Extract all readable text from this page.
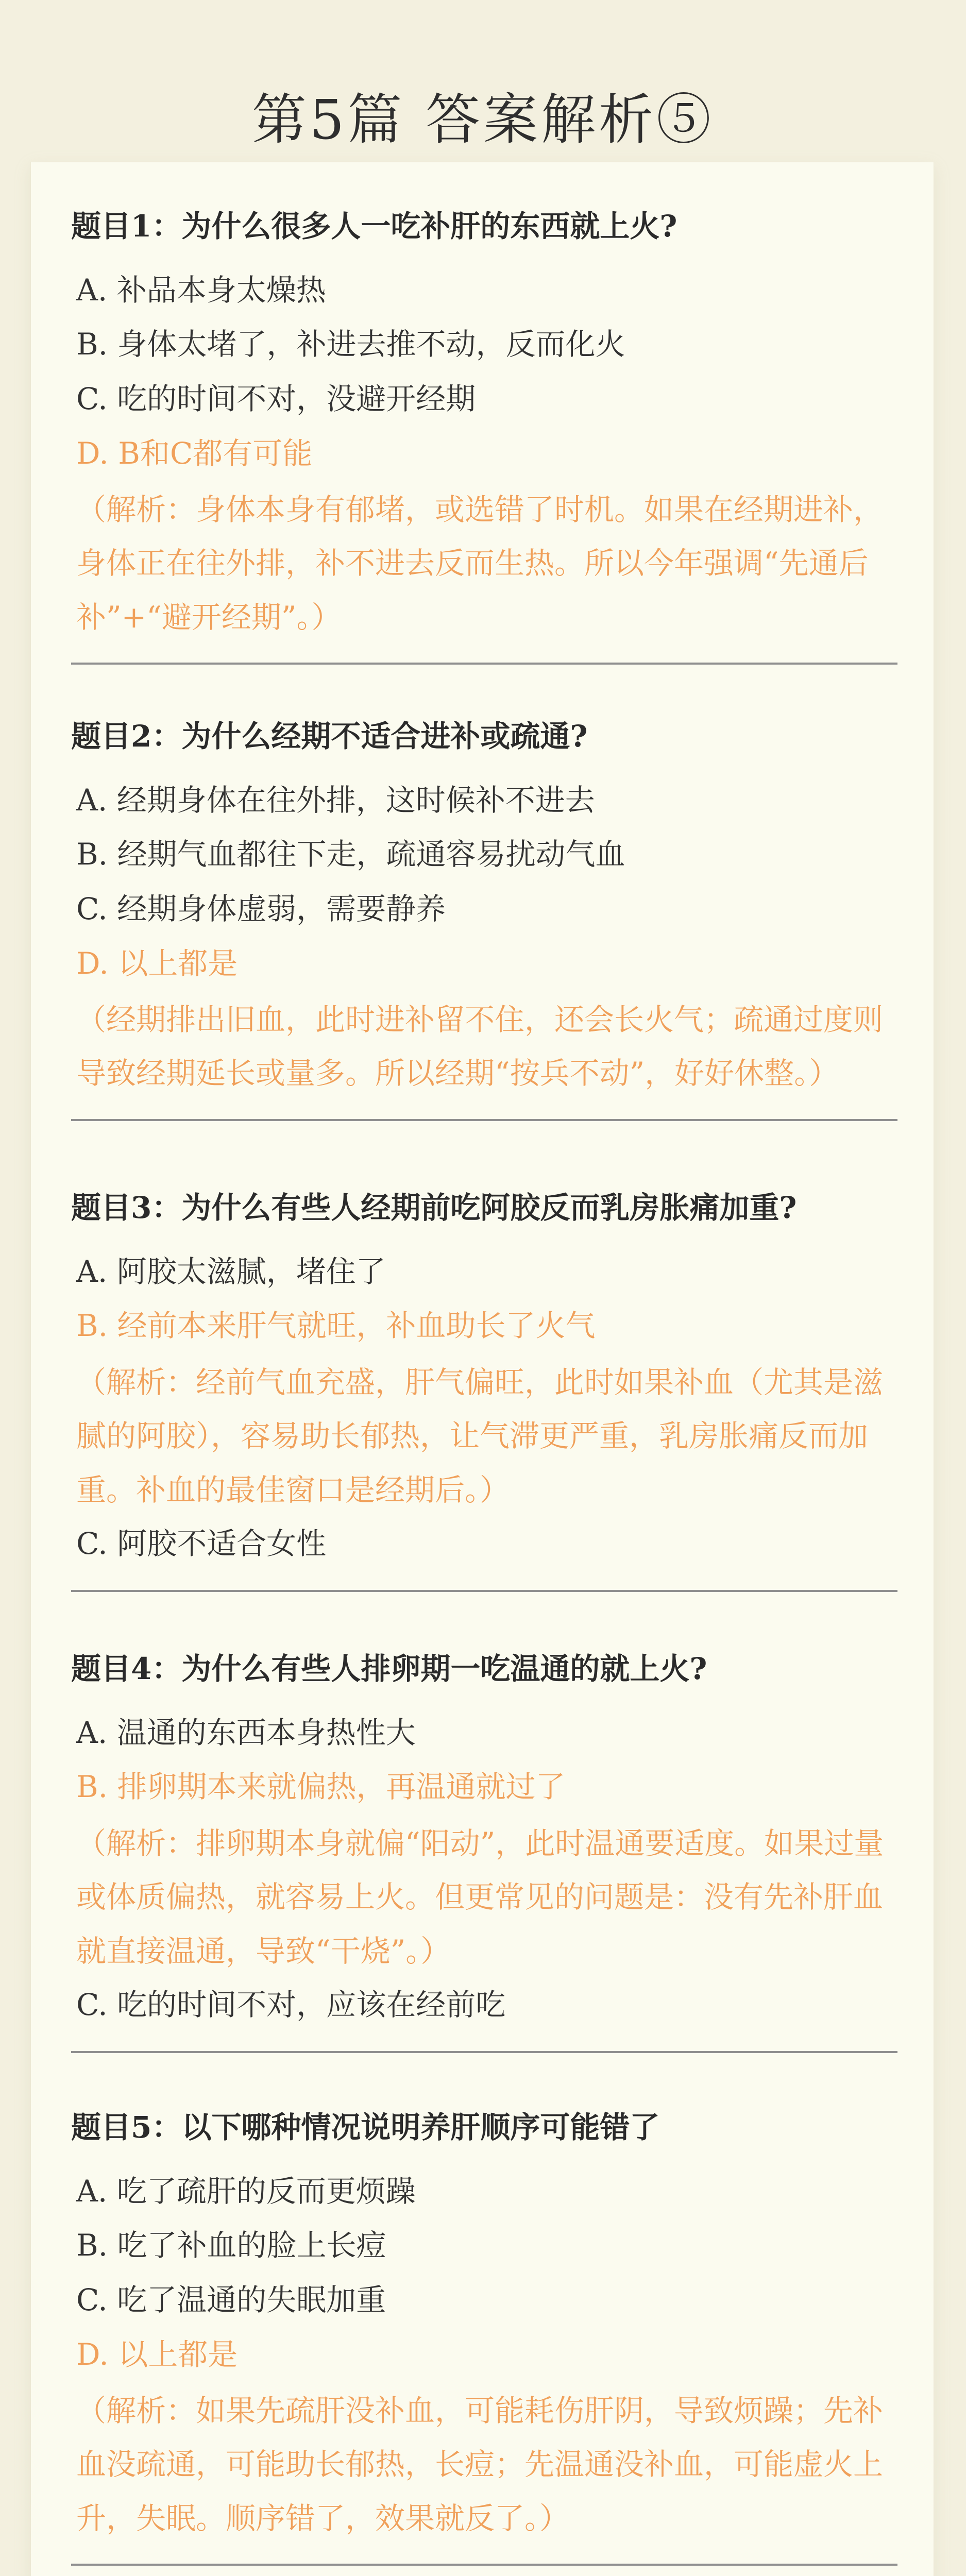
第5篇 答案解析⑤

题目1：为什么很多人一吃补肝的东西就上火?

A. 补品本身太燥热

B. 身体太堵了，补进去推不动，反而化火

C. 吃的时间不对，没避开经期

D. B和C都有可能

（解析：身体本身有郁堵，或选错了时机。如果在经期进补，身体正在往外排，补不进去反而生热。所以今年强调“先通后补”+“避开经期”。）

题目2：为什么经期不适合进补或疏通?

A. 经期身体在往外排，这时候补不进去

B. 经期气血都往下走，疏通容易扰动气血

C. 经期身体虚弱，需要静养

D. 以上都是

（经期排出旧血，此时进补留不住，还会长火气；疏通过度则导致经期延长或量多。所以经期“按兵不动”，好好休整。）

题目3：为什么有些人经期前吃阿胶反而乳房胀痛加重?

A. 阿胶太滋腻，堵住了

B. 经前本来肝气就旺，补血助长了火气

（解析：经前气血充盛，肝气偏旺，此时如果补血（尤其是滋腻的阿胶），容易助长郁热，让气滞更严重，乳房胀痛反而加重。补血的最佳窗口是经期后。）

C. 阿胶不适合女性

题目4：为什么有些人排卵期一吃温通的就上火?

A. 温通的东西本身热性大

B. 排卵期本来就偏热，再温通就过了

（解析：排卵期本身就偏“阳动”，此时温通要适度。如果过量或体质偏热，就容易上火。但更常见的问题是：没有先补肝血就直接温通，导致“干烧”。）

C. 吃的时间不对，应该在经前吃

题目5：以下哪种情况说明养肝顺序可能错了

A. 吃了疏肝的反而更烦躁

B. 吃了补血的脸上长痘

C. 吃了温通的失眠加重

D. 以上都是

（解析：如果先疏肝没补血，可能耗伤肝阴，导致烦躁；先补血没疏通，可能助长郁热，长痘；先温通没补血，可能虚火上升，失眠。顺序错了，效果就反了。）
